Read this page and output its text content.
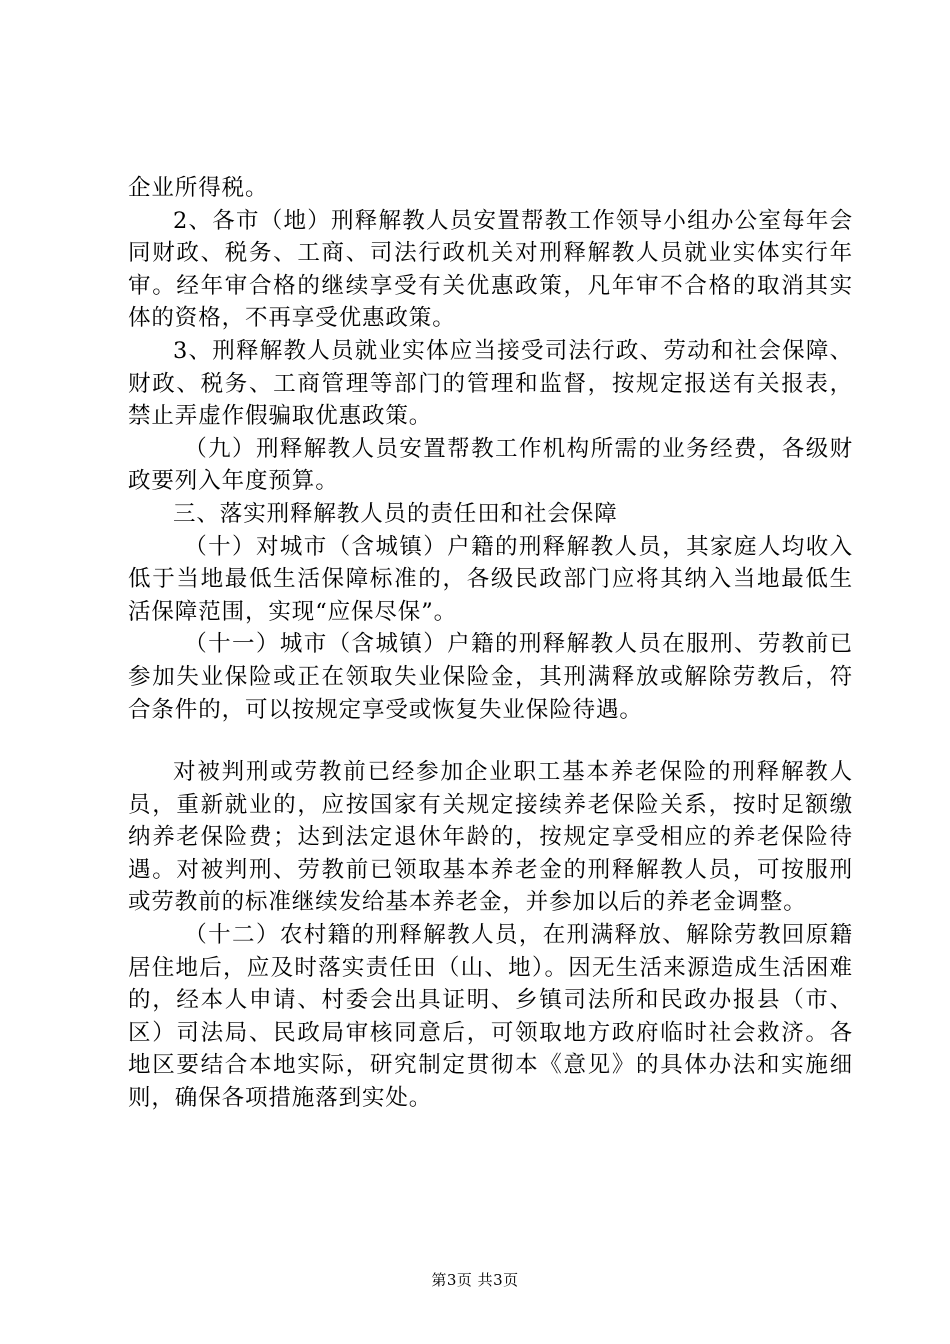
企业所得税。

2、各市（地）刑释解教人员安置帮教工作领导小组办公室每年会同财政、税务、工商、司法行政机关对刑释解教人员就业实体实行年审。经年审合格的继续享受有关优惠政策，凡年审不合格的取消其实体的资格，不再享受优惠政策。

3、刑释解教人员就业实体应当接受司法行政、劳动和社会保障、财政、税务、工商管理等部门的管理和监督，按规定报送有关报表，禁止弄虚作假骗取优惠政策。

（九）刑释解教人员安置帮教工作机构所需的业务经费，各级财政要列入年度预算。

三、落实刑释解教人员的责任田和社会保障

（十）对城市（含城镇）户籍的刑释解教人员，其家庭人均收入低于当地最低生活保障标准的，各级民政部门应将其纳入当地最低生活保障范围，实现“应保尽保”。

（十一）城市（含城镇）户籍的刑释解教人员在服刑、劳教前已参加失业保险或正在领取失业保险金，其刑满释放或解除劳教后，符合条件的，可以按规定享受或恢复失业保险待遇。

对被判刑或劳教前已经参加企业职工基本养老保险的刑释解教人员，重新就业的，应按国家有关规定接续养老保险关系，按时足额缴纳养老保险费；达到法定退休年龄的，按规定享受相应的养老保险待遇。对被判刑、劳教前已领取基本养老金的刑释解教人员，可按服刑或劳教前的标准继续发给基本养老金，并参加以后的养老金调整。

（十二）农村籍的刑释解教人员，在刑满释放、解除劳教回原籍居住地后，应及时落实责任田（山、地）。因无生活来源造成生活困难的，经本人申请、村委会出具证明、乡镇司法所和民政办报县（市、区）司法局、民政局审核同意后，可领取地方政府临时社会救济。各地区要结合本地实际，研究制定贯彻本《意见》的具体办法和实施细则，确保各项措施落到实处。

第3页 共3页
